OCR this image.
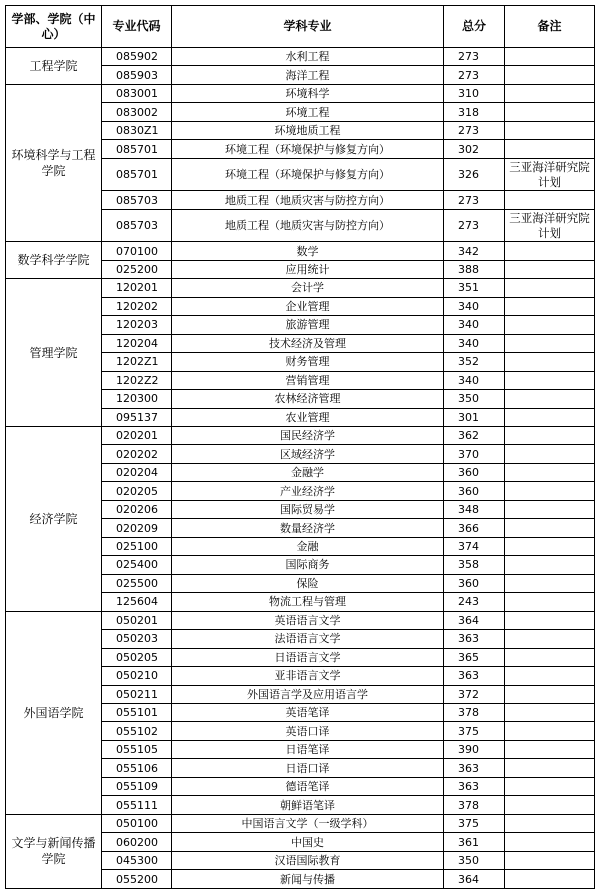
学部、学院（中心）	专业代码	学科专业	总分	备注
工程学院	085902	水利工程	273	
	085903	海洋工程	273	
环境科学与工程学院	083001	环境科学	310	
	083002	环境工程	318	
	0830Z1	环境地质工程	273	
	085701	环境工程（环境保护与修复方向）	302	
	085701	环境工程（环境保护与修复方向）	326	三亚海洋研究院计划
	085703	地质工程（地质灾害与防控方向）	273	
	085703	地质工程（地质灾害与防控方向）	273	三亚海洋研究院计划
数学科学学院	070100	数学	342	
	025200	应用统计	388	
管理学院	120201	会计学	351	
	120202	企业管理	340	
	120203	旅游管理	340	
	120204	技术经济及管理	340	
	1202Z1	财务管理	352	
	1202Z2	营销管理	340	
	120300	农林经济管理	350	
	095137	农业管理	301	
经济学院	020201	国民经济学	362	
	020202	区域经济学	370	
	020204	金融学	360	
	020205	产业经济学	360	
	020206	国际贸易学	348	
	020209	数量经济学	366	
	025100	金融	374	
	025400	国际商务	358	
	025500	保险	360	
	125604	物流工程与管理	243	
外国语学院	050201	英语语言文学	364	
	050203	法语语言文学	363	
	050205	日语语言文学	365	
	050210	亚非语言文学	363	
	050211	外国语言学及应用语言学	372	
	055101	英语笔译	378	
	055102	英语口译	375	
	055105	日语笔译	390	
	055106	日语口译	363	
	055109	德语笔译	363	
	055111	朝鲜语笔译	378	
文学与新闻传播学院	050100	中国语言文学（一级学科）	375	
	060200	中国史	361	
	045300	汉语国际教育	350	
	055200	新闻与传播	364	
